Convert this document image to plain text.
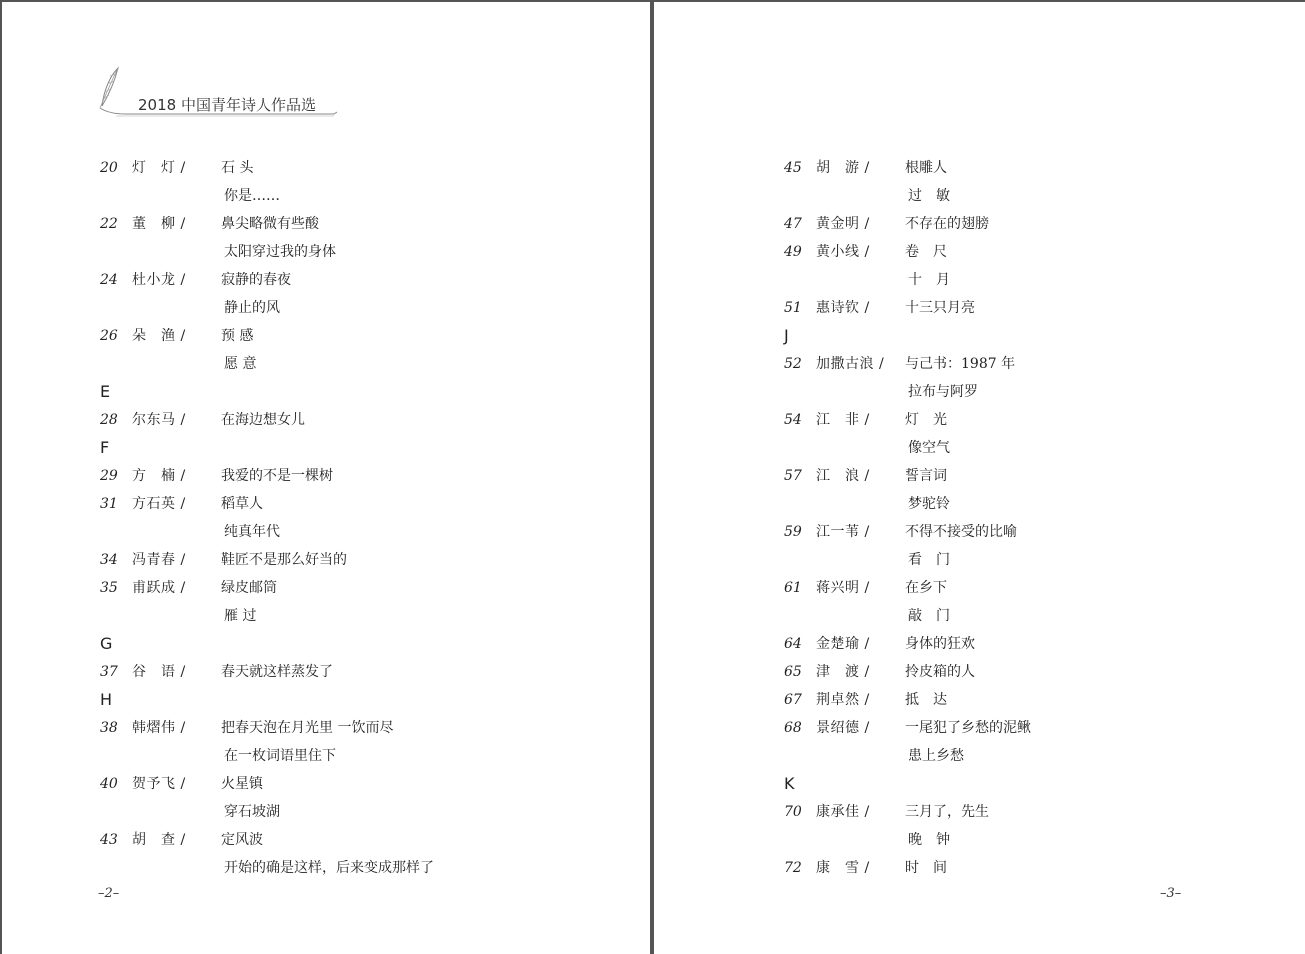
2018 中国青年诗人作品选
20	灯　灯 /	石 头
你是……
22	董　柳 /	鼻尖略微有些酸
太阳穿过我的身体
24	杜小龙 /	寂静的春夜
静止的风
26	朵　渔 /	预 感
愿 意
E
28	尔东马 /	在海边想女儿
F
29	方　楠 /	我爱的不是一棵树
31	方石英 /	稻草人
纯真年代
34	冯青春 /	鞋匠不是那么好当的
35	甫跃成 /	绿皮邮筒
雁 过
G
37	谷　语 /	春天就这样蒸发了
H
38	韩熠伟 /	把春天泡在月光里 一饮而尽
在一枚词语里住下
40	贺予飞 /	火星镇
穿石坡湖
43	胡　查 /	定风波
开始的确是这样，后来变成那样了
–2–
45	胡　游 /	根雕人
过　敏
47	黄金明 /	不存在的翅膀
49	黄小线 /	卷　尺
十　月
51	惠诗钦 /	十三只月亮
J
52	加撒古浪 / 与己书：1987 年
拉布与阿罗
54	江　非 /	灯　光
像空气
57	江　浪 /	誓言词
梦驼铃
59	江一苇 /	不得不接受的比喻
看　门
61	蒋兴明 /	在乡下
敲　门
64	金楚瑜 /	身体的狂欢
65	津　渡 /	拎皮箱的人
67	荆卓然 /	抵　达
68	景绍德 /	一尾犯了乡愁的泥鳅
患上乡愁
K
70	康承佳 /	三月了，先生
晚　钟
72	康　雪 /	时　间
–3–
